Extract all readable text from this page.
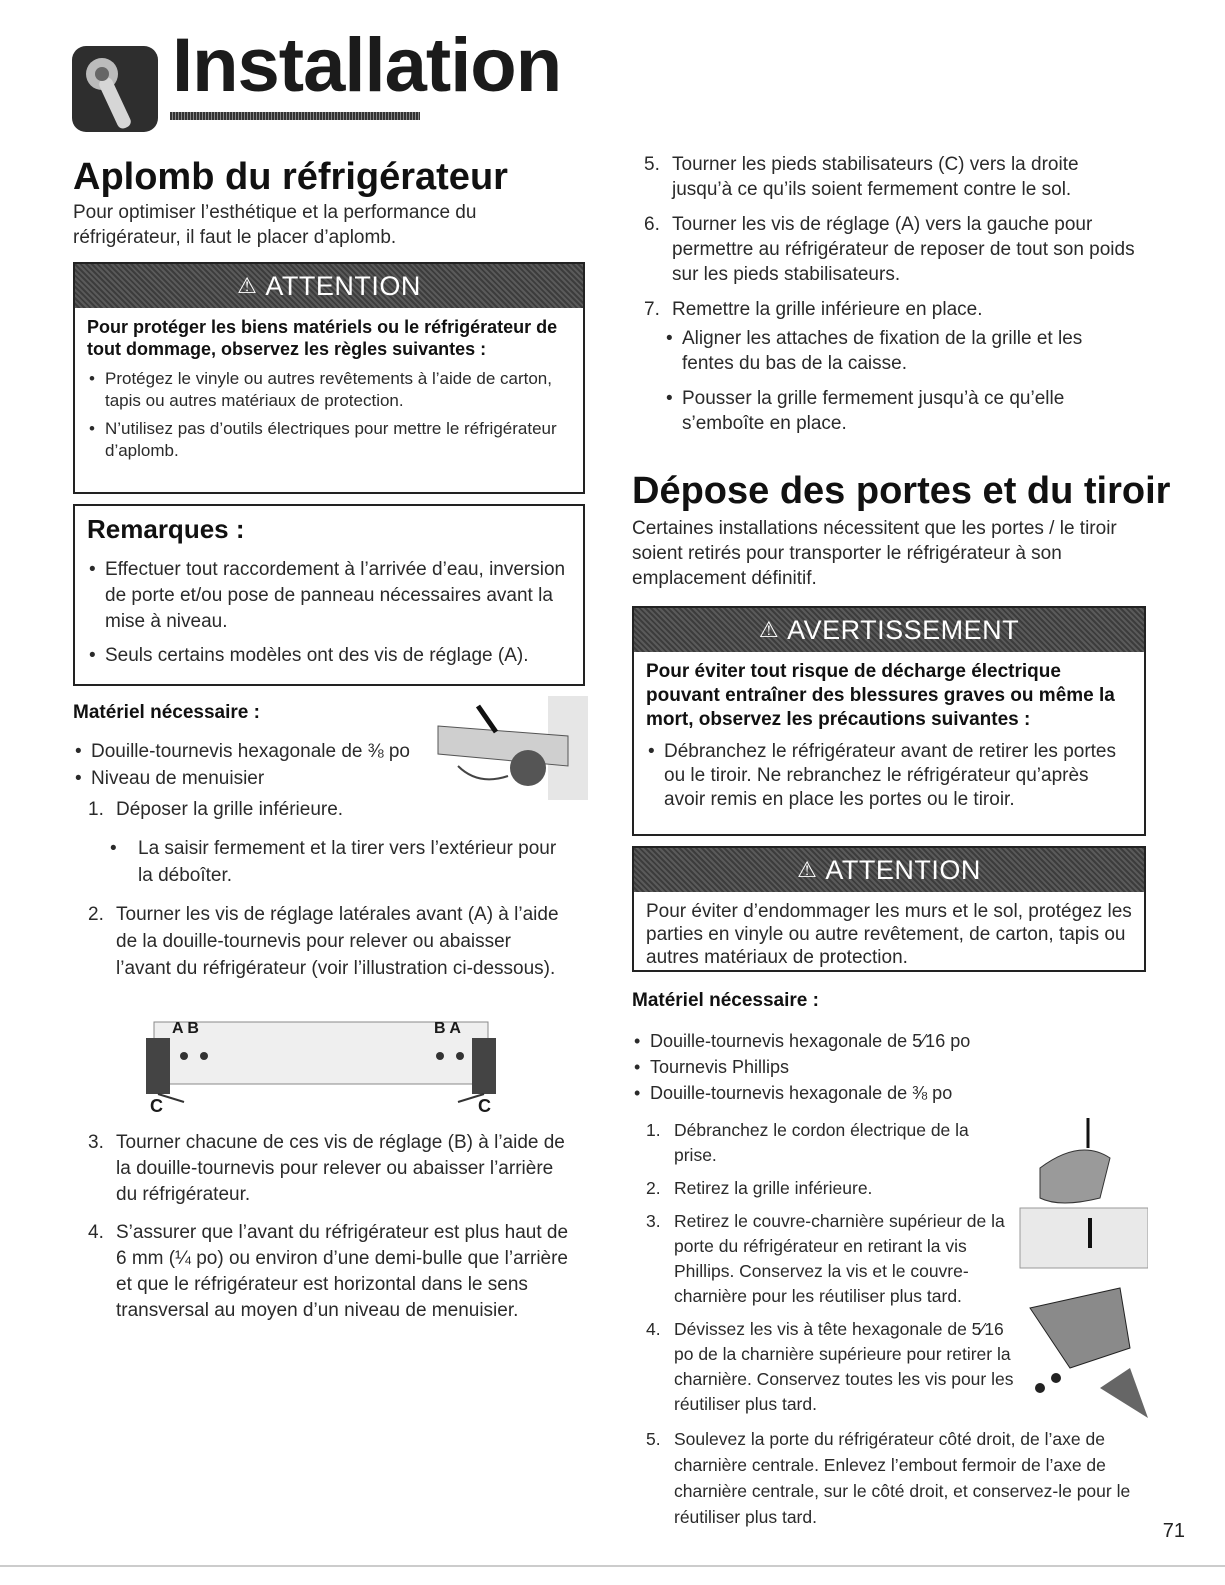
Installation
Aplomb du réfrigérateur
Pour optimiser l’esthétique et la performance du réfrigérateur, il faut le placer d’aplomb.
⚠ ATTENTION
Pour protéger les biens matériels ou le réfrigérateur de tout dommage, observez les règles suivantes :
• Protégez le vinyle ou autres revêtements à l’aide de carton, tapis ou autres matériaux de protection.
• N’utilisez pas d’outils électriques pour mettre le réfrigérateur d’aplomb.
Remarques :
• Effectuer tout raccordement à l’arrivée d’eau, inversion de porte et/ou pose de panneau nécessaires avant la mise à niveau.
• Seuls certains modèles ont des vis de réglage (A).
Matériel nécessaire :
• Douille-tournevis hexagonale de ⅜ po
• Niveau de menuisier
1. Déposer la grille inférieure.
• La saisir fermement et la tirer vers l’extérieur pour la déboîter.
2. Tourner les vis de réglage latérales avant (A) à l’aide de la douille-tournevis pour relever ou abaisser l’avant du réfrigérateur (voir l’illustration ci-dessous).
A B	B A
C	C
3. Tourner chacune de ces vis de réglage (B) à l’aide de la douille-tournevis pour relever ou abaisser l’arrière du réfrigérateur.
4. S’assurer que l’avant du réfrigérateur est plus haut de 6 mm (¼ po) ou environ d’une demi-bulle que l’arrière et que le réfrigérateur est horizontal dans le sens transversal au moyen d’un niveau de menuisier.
5. Tourner les pieds stabilisateurs (C) vers la droite jusqu’à ce qu’ils soient fermement contre le sol.
6. Tourner les vis de réglage (A) vers la gauche pour permettre au réfrigérateur de reposer de tout son poids sur les pieds stabilisateurs.
7. Remettre la grille inférieure en place.
• Aligner les attaches de fixation de la grille et les fentes du bas de la caisse.
• Pousser la grille fermement jusqu’à ce qu’elle s’emboîte en place.
Dépose des portes et du tiroir
Certaines installations nécessitent que les portes / le tiroir soient retirés pour transporter le réfrigérateur à son emplacement définitif.
⚠ AVERTISSEMENT
Pour éviter tout risque de décharge électrique pouvant entraîner des blessures graves ou même la mort, observez les précautions suivantes :
• Débranchez le réfrigérateur avant de retirer les portes ou le tiroir. Ne rebranchez le réfrigérateur qu’après avoir remis en place les portes ou le tiroir.
⚠ ATTENTION
Pour éviter d’endommager les murs et le sol, protégez les parties en vinyle ou autre revêtement, de carton, tapis ou autres matériaux de protection.
Matériel nécessaire :
• Douille-tournevis hexagonale de 5⁄16 po
• Tournevis Phillips
• Douille-tournevis hexagonale de ⅜ po
1. Débranchez le cordon électrique de la prise.
2. Retirez la grille inférieure.
3. Retirez le couvre-charnière supérieur de la porte du réfrigérateur en retirant la vis Phillips. Conservez la vis et le couvre-charnière pour les réutiliser plus tard.
4. Dévissez les vis à tête hexagonale de 5⁄16 po de la charnière supérieure pour retirer la charnière. Conservez toutes les vis pour les réutiliser plus tard.
5. Soulevez la porte du réfrigérateur côté droit, de l’axe de charnière centrale. Enlevez l’embout fermoir de l’axe de charnière centrale, sur le côté droit, et conservez-le pour le réutiliser plus tard.
71
